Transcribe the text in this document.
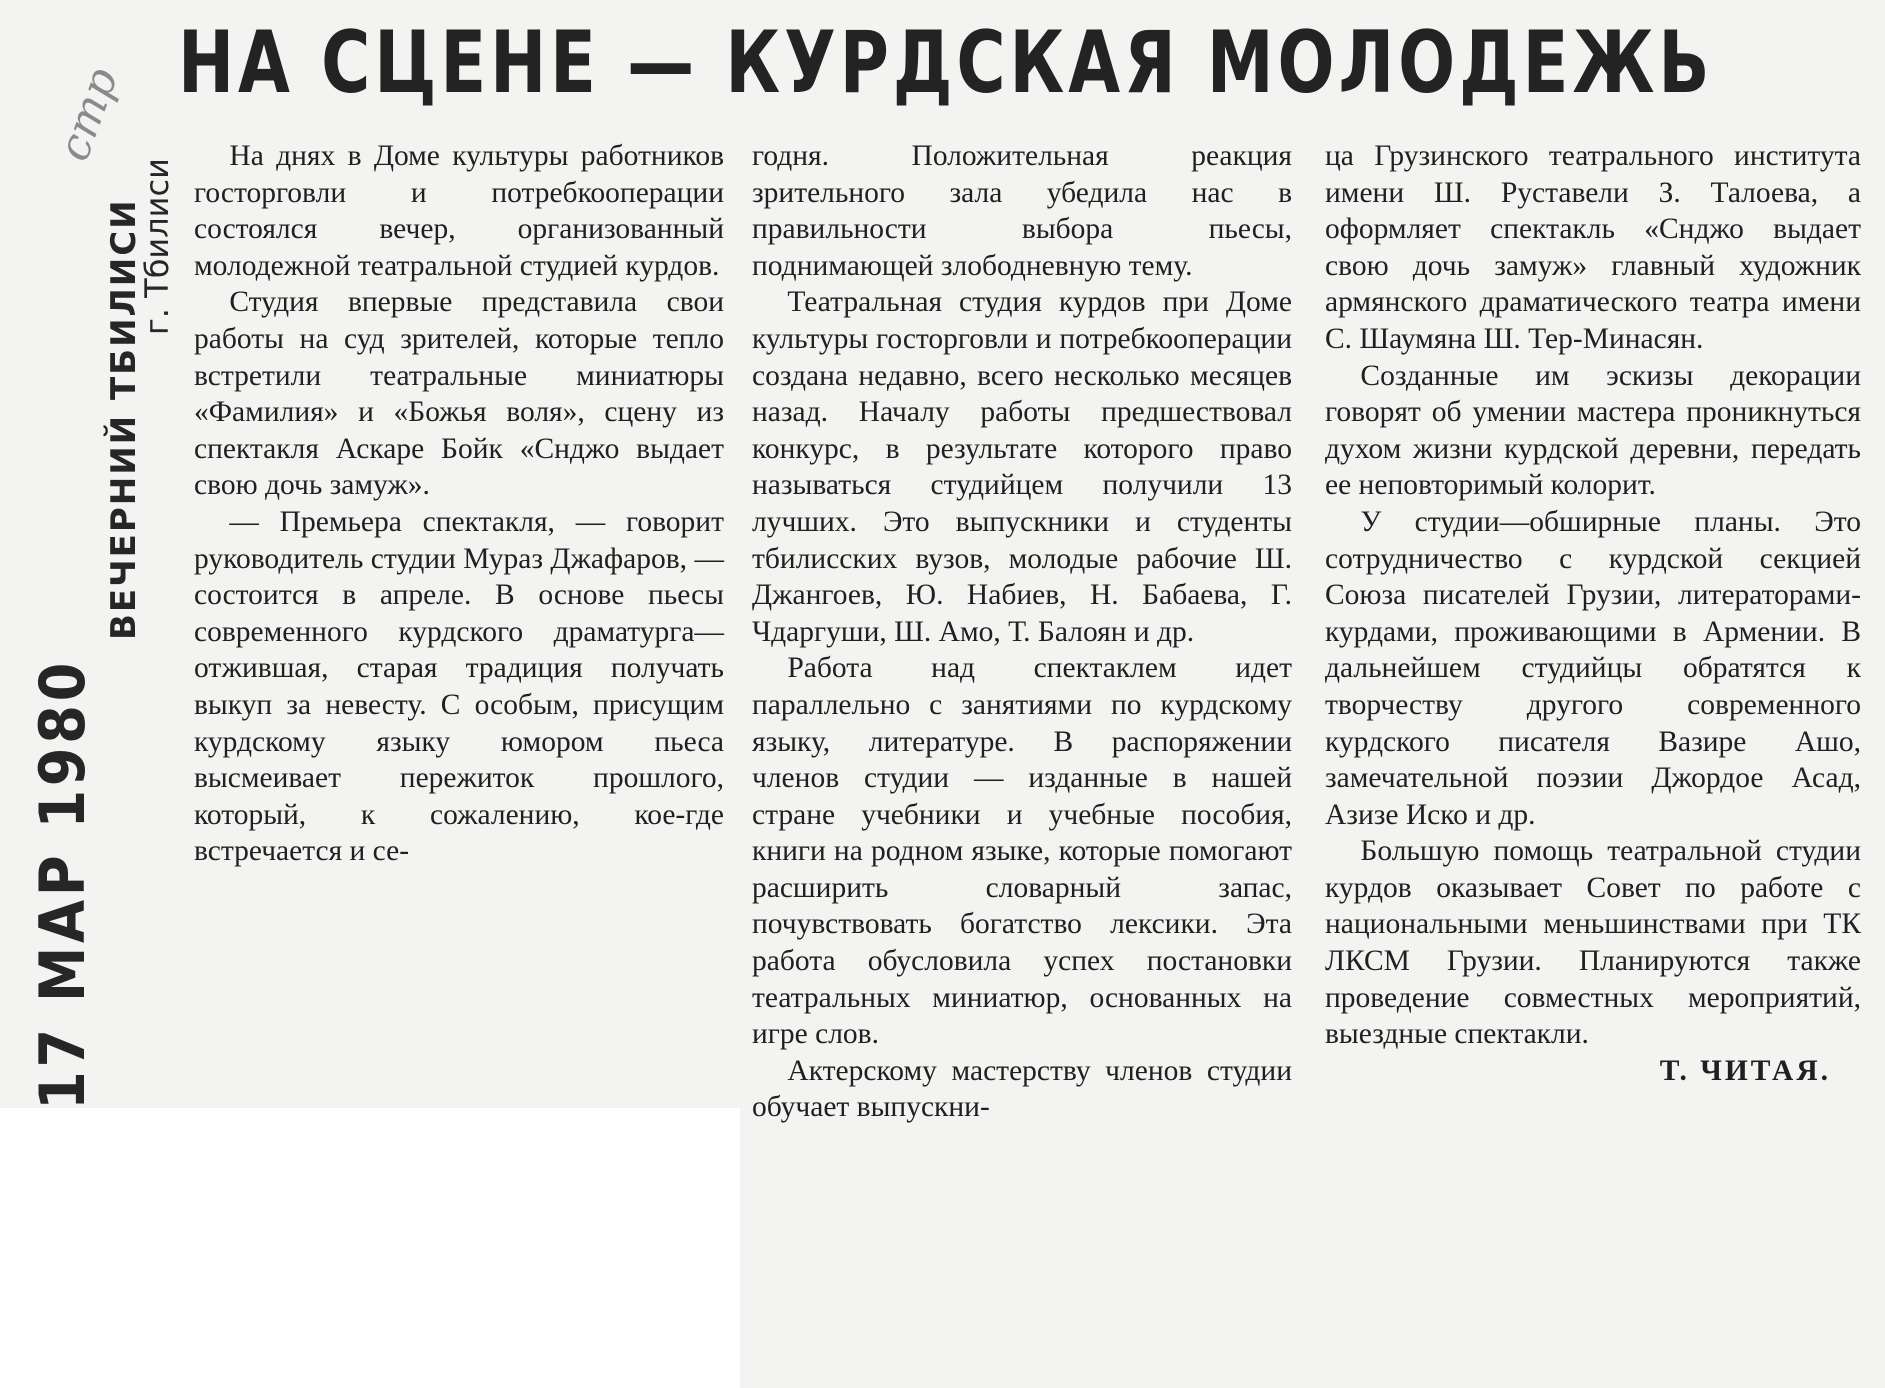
НА СЦЕНЕ — КУРДСКАЯ МОЛОДЕЖЬ
стр
17 МАР 1980
ВЕЧЕРНИЙ ТБИЛИСИ
г. Тбилиси

На днях в Доме культуры работников госторговли и потребкооперации состоялся вечер, организованный молодежной театральной студией курдов.

Студия впервые представила свои работы на суд зрителей, которые тепло встретили театральные миниатюры «Фамилия» и «Божья воля», сцену из спектакля Аскаре Бойк «Снджо выдает свою дочь замуж».

— Премьера спектакля, — говорит руководитель студии Мураз Джафаров, — состоится в апреле. В основе пьесы современного курдского драматурга—отжившая, старая традиция получать выкуп за невесту. С особым, присущим курдскому языку юмором пьеса высмеивает пережиток прошлого, который, к сожалению, кое-где встречается и се-

годня. Положительная реакция зрительного зала убедила нас в правильности выбора пьесы, поднимающей злободневную тему.

Театральная студия курдов при Доме культуры госторговли и потребкооперации создана недавно, всего несколько месяцев назад. Началу работы предшествовал конкурс, в результате которого право называться студийцем получили 13 лучших. Это выпускники и студенты тбилисских вузов, молодые рабочие Ш. Джангоев, Ю. Набиев, Н. Бабаева, Г. Чдаргуши, Ш. Амо, Т. Балоян и др.

Работа над спектаклем идет параллельно с занятиями по курдскому языку, литературе. В распоряжении членов студии — изданные в нашей стране учебники и учебные пособия, книги на родном языке, которые помогают расширить словарный запас, почувствовать богатство лексики. Эта работа обусловила успех постановки театральных миниатюр, основанных на игре слов.

Актерскому мастерству членов студии обучает выпускни-

ца Грузинского театрального института имени Ш. Руставели З. Талоева, а оформляет спектакль «Снджо выдает свою дочь замуж» главный художник армянского драматического театра имени С. Шаумяна Ш. Тер-Минасян.

Созданные им эскизы декорации говорят об умении мастера проникнуться духом жизни курдской деревни, передать ее неповторимый колорит.

У студии—обширные планы. Это сотрудничество с курдской секцией Союза писателей Грузии, литераторами-курдами, проживающими в Армении. В дальнейшем студийцы обратятся к творчеству другого современного курдского писателя Вазире Ашо, замечательной поэзии Джордое Асад, Азизе Иско и др.

Большую помощь театральной студии курдов оказывает Совет по работе с национальными меньшинствами при ТК ЛКСМ Грузии. Планируются также проведение совместных мероприятий, выездные спектакли.

Т. ЧИТАЯ.
